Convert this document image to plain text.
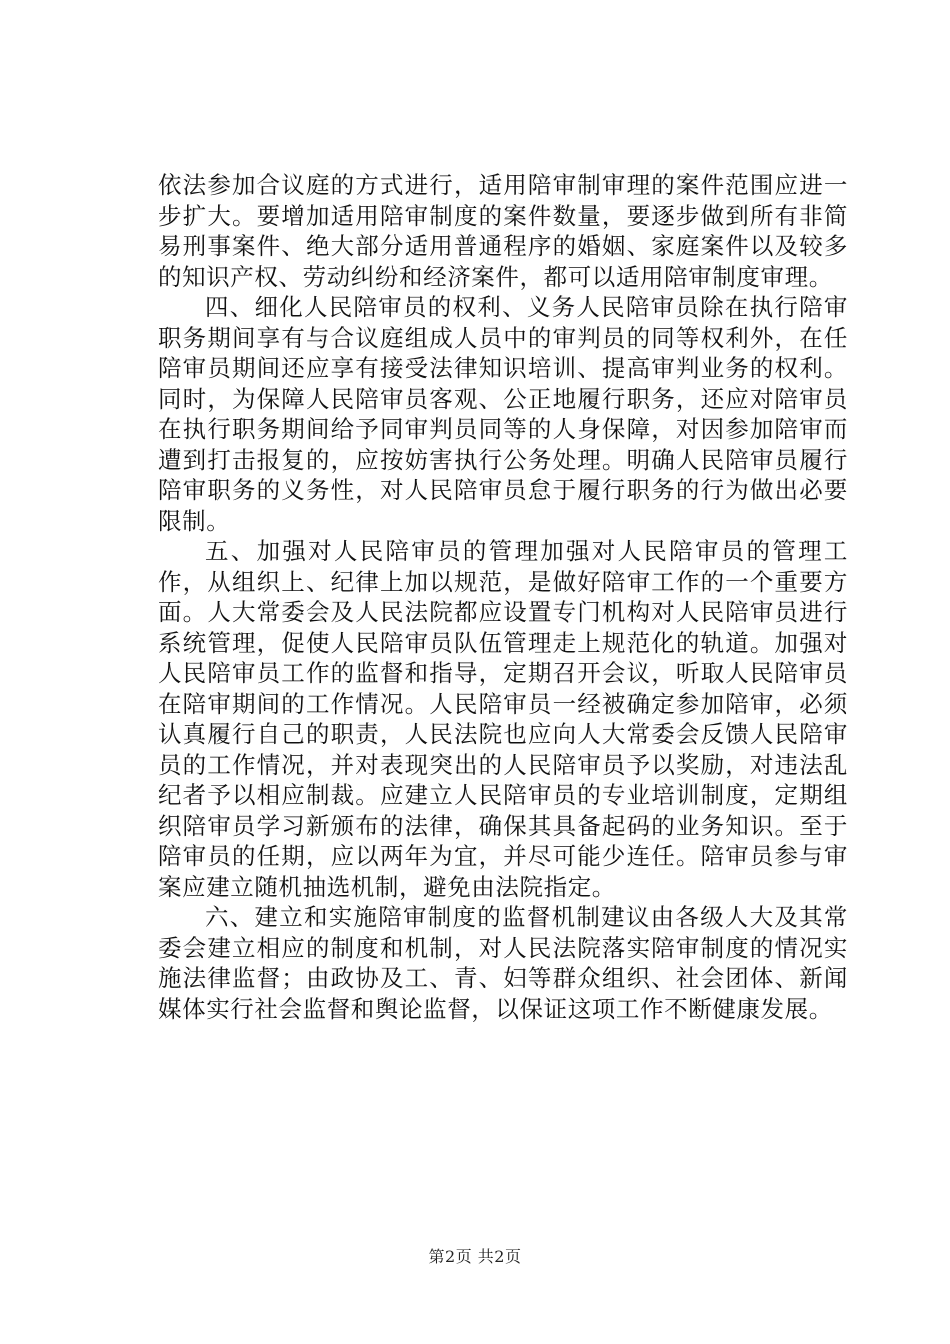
依法参加合议庭的方式进行，适用陪审制审理的案件范围应进一步扩大。要增加适用陪审制度的案件数量，要逐步做到所有非简易刑事案件、绝大部分适用普通程序的婚姻、家庭案件以及较多的知识产权、劳动纠纷和经济案件，都可以适用陪审制度审理。

四、细化人民陪审员的权利、义务人民陪审员除在执行陪审职务期间享有与合议庭组成人员中的审判员的同等权利外，在任陪审员期间还应享有接受法律知识培训、提高审判业务的权利。同时，为保障人民陪审员客观、公正地履行职务，还应对陪审员在执行职务期间给予同审判员同等的人身保障，对因参加陪审而遭到打击报复的，应按妨害执行公务处理。明确人民陪审员履行陪审职务的义务性，对人民陪审员怠于履行职务的行为做出必要限制。

五、加强对人民陪审员的管理加强对人民陪审员的管理工作，从组织上、纪律上加以规范，是做好陪审工作的一个重要方面。人大常委会及人民法院都应设置专门机构对人民陪审员进行系统管理，促使人民陪审员队伍管理走上规范化的轨道。加强对人民陪审员工作的监督和指导，定期召开会议，听取人民陪审员在陪审期间的工作情况。人民陪审员一经被确定参加陪审，必须认真履行自己的职责，人民法院也应向人大常委会反馈人民陪审员的工作情况，并对表现突出的人民陪审员予以奖励，对违法乱纪者予以相应制裁。应建立人民陪审员的专业培训制度，定期组织陪审员学习新颁布的法律，确保其具备起码的业务知识。至于陪审员的任期，应以两年为宜，并尽可能少连任。陪审员参与审案应建立随机抽选机制，避免由法院指定。

六、建立和实施陪审制度的监督机制建议由各级人大及其常委会建立相应的制度和机制，对人民法院落实陪审制度的情况实施法律监督；由政协及工、青、妇等群众组织、社会团体、新闻媒体实行社会监督和舆论监督，以保证这项工作不断健康发展。

第2页 共2页
